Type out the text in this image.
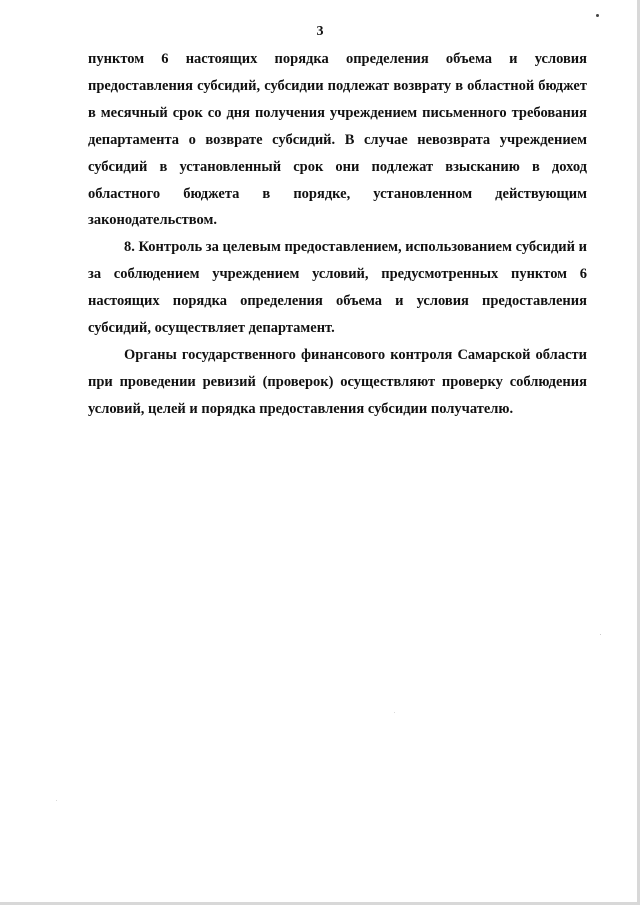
3

пунктом 6 настоящих порядка определения объема и условия предоставления субсидий, субсидии подлежат возврату в областной бюджет в месячный срок со дня получения учреждением письменного требования департамента о возврате субсидий. В случае невозврата учреждением субсидий в установленный срок они подлежат взысканию в доход областного бюджета в порядке, установленном действующим законодательством.

8. Контроль за целевым предоставлением, использованием субсидий и за соблюдением учреждением условий, предусмотренных пунктом 6 настоящих порядка определения объема и условия предоставления субсидий, осуществляет департамент.

Органы государственного финансового контроля Самарской области при проведении ревизий (проверок) осуществляют проверку соблюдения условий, целей и порядка предоставления субсидии получателю.
